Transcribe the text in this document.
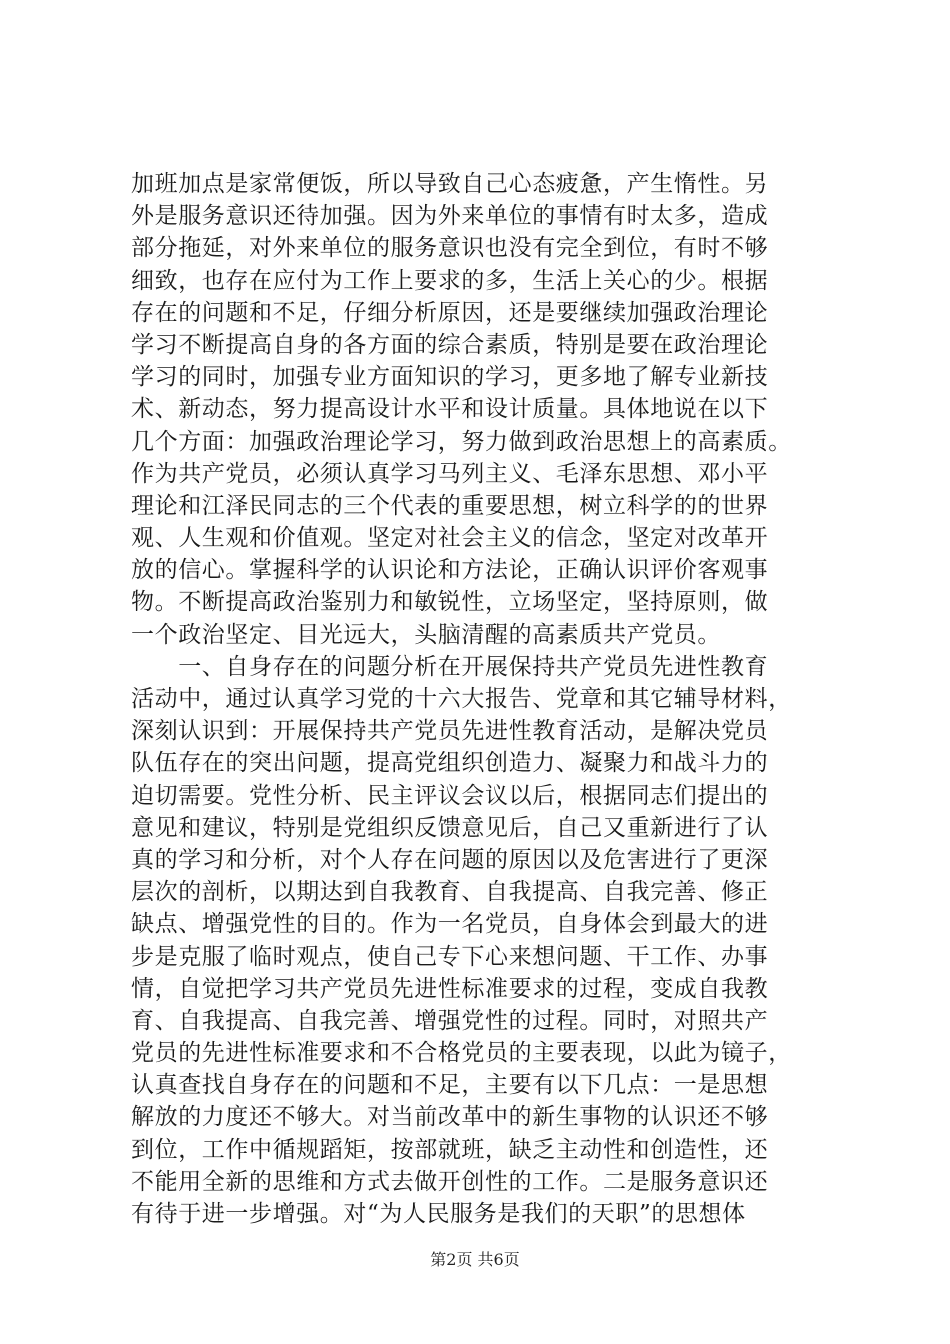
加班加点是家常便饭，所以导致自己心态疲惫，产生惰性。另
外是服务意识还待加强。因为外来单位的事情有时太多，造成
部分拖延，对外来单位的服务意识也没有完全到位，有时不够
细致，也存在应付为工作上要求的多，生活上关心的少。根据
存在的问题和不足，仔细分析原因，还是要继续加强政治理论
学习不断提高自身的各方面的综合素质，特别是要在政治理论
学习的同时，加强专业方面知识的学习，更多地了解专业新技
术、新动态，努力提高设计水平和设计质量。具体地说在以下
几个方面：加强政治理论学习，努力做到政治思想上的高素质。
作为共产党员，必须认真学习马列主义、毛泽东思想、邓小平
理论和江泽民同志的三个代表的重要思想，树立科学的的世界
观、人生观和价值观。坚定对社会主义的信念，坚定对改革开
放的信心。掌握科学的认识论和方法论，正确认识评价客观事
物。不断提高政治鉴别力和敏锐性，立场坚定，坚持原则，做
一个政治坚定、目光远大，头脑清醒的高素质共产党员。
　　一、自身存在的问题分析在开展保持共产党员先进性教育
活动中，通过认真学习党的十六大报告、党章和其它辅导材料，
深刻认识到：开展保持共产党员先进性教育活动，是解决党员
队伍存在的突出问题，提高党组织创造力、凝聚力和战斗力的
迫切需要。党性分析、民主评议会议以后，根据同志们提出的
意见和建议，特别是党组织反馈意见后，自己又重新进行了认
真的学习和分析，对个人存在问题的原因以及危害进行了更深
层次的剖析，以期达到自我教育、自我提高、自我完善、修正
缺点、增强党性的目的。作为一名党员，自身体会到最大的进
步是克服了临时观点，使自己专下心来想问题、干工作、办事
情，自觉把学习共产党员先进性标准要求的过程，变成自我教
育、自我提高、自我完善、增强党性的过程。同时，对照共产
党员的先进性标准要求和不合格党员的主要表现，以此为镜子，
认真查找自身存在的问题和不足，主要有以下几点：一是思想
解放的力度还不够大。对当前改革中的新生事物的认识还不够
到位，工作中循规蹈矩，按部就班，缺乏主动性和创造性，还
不能用全新的思维和方式去做开创性的工作。二是服务意识还
有待于进一步增强。对“为人民服务是我们的天职”的思想体
第2页 共6页
